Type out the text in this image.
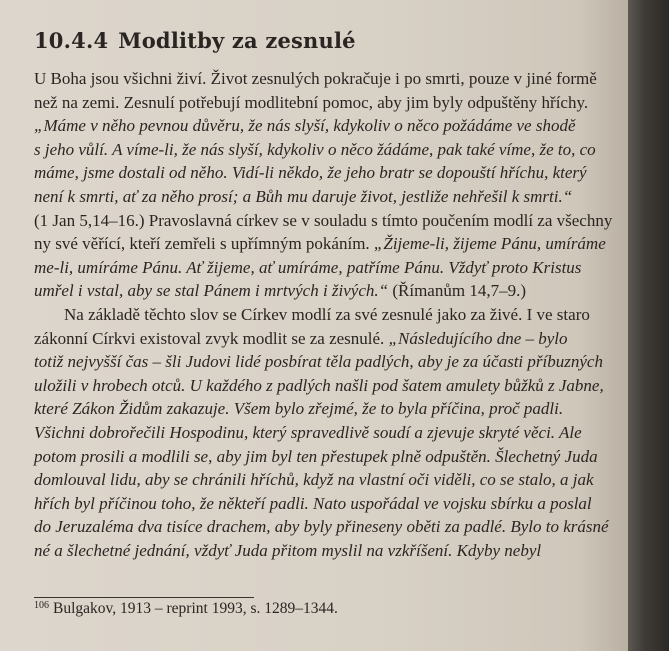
10.4.4 Modlitby za zesnulé
U Boha jsou všichni živí. Život zesnulých pokračuje i po smrti, pouze v jiné formě
než na zemi. Zesnulí potřebují modlitební pomoc, aby jim byly odpuštěny hříchy.
„Máme v něho pevnou důvěru, že nás slyší, kdykoliv o něco požádáme ve shodě
s jeho vůlí. A víme-li, že nás slyší, kdykoliv o něco žádáme, pak také víme, že to, co
máme, jsme dostali od něho. Vidí-li někdo, že jeho bratr se dopouští hříchu, který
není k smrti, ať za něho prosí; a Bůh mu daruje život, jestliže nehřešil k smrti.“
(1 Jan 5,14–16.) Pravoslavná církev se v souladu s tímto poučením modlí za všechny
ny své věřící, kteří zemřeli s upřímným pokáním. „Žijeme-li, žijeme Pánu, umíráme
me-li, umíráme Pánu. Ať žijeme, ať umíráme, patříme Pánu. Vždyť proto Kristus
umřel i vstal, aby se stal Pánem i mrtvých i živých.“ (Římanům 14,7–9.)
Na základě těchto slov se Církev modlí za své zesnulé jako za živé. I ve staro
zákonní Církvi existoval zvyk modlit se za zesnulé. „Následujícího dne – bylo
totiž nejvyšší čas – šli Judovi lidé posbírat těla padlých, aby je za účasti příbuzných
uložili v hrobech otců. U každého z padlých našli pod šatem amulety bůžků z Jabne,
které Zákon Židům zakazuje. Všem bylo zřejmé, že to byla příčina, proč padli.
Všichni dobrořečili Hospodinu, který spravedlivě soudí a zjevuje skryté věci. Ale
potom prosili a modlili se, aby jim byl ten přestupek plně odpuštěn. Šlechetný Juda
domlouval lidu, aby se chránili hříchů, když na vlastní oči viděli, co se stalo, a jak
hřích byl příčinou toho, že někteří padli. Nato uspořádal ve vojsku sbírku a poslal
do Jeruzaléma dva tisíce drachem, aby byly přineseny oběti za padlé. Bylo to krásné
né a šlechetné jednání, vždyť Juda přitom myslil na vzkříšení. Kdyby nebyl
$^{106}$ Bulgakov, 1913 – reprint 1993, s. 1289–1344.
